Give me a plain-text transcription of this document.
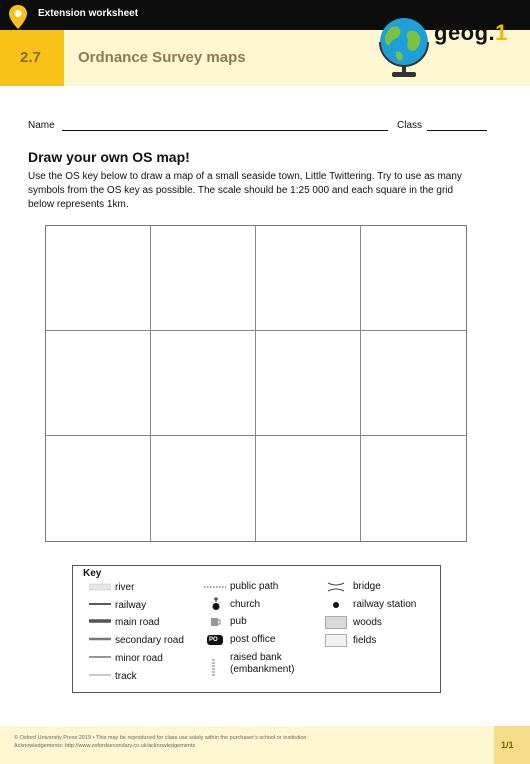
Extension worksheet
2.7 Ordnance Survey maps
geog.1
Name	Class
Draw your own OS map!
Use the OS key below to draw a map of a small seaside town, Little Twittering. Try to use as many symbols from the OS key as possible. The scale should be 1:25 000 and each square in the grid below represents 1km.
Key
river
railway
main road
secondary road
minor road
track
PO
public path
church
pub
post office
raised bank (embankment)
bridge
railway station
woods
fields
© Oxford University Press 2019 • This may be reproduced for class use solely within the purchaser's school or institution
Acknowledgements: http://www.oxfordsecondary.co.uk/acknowledgements	1/1
